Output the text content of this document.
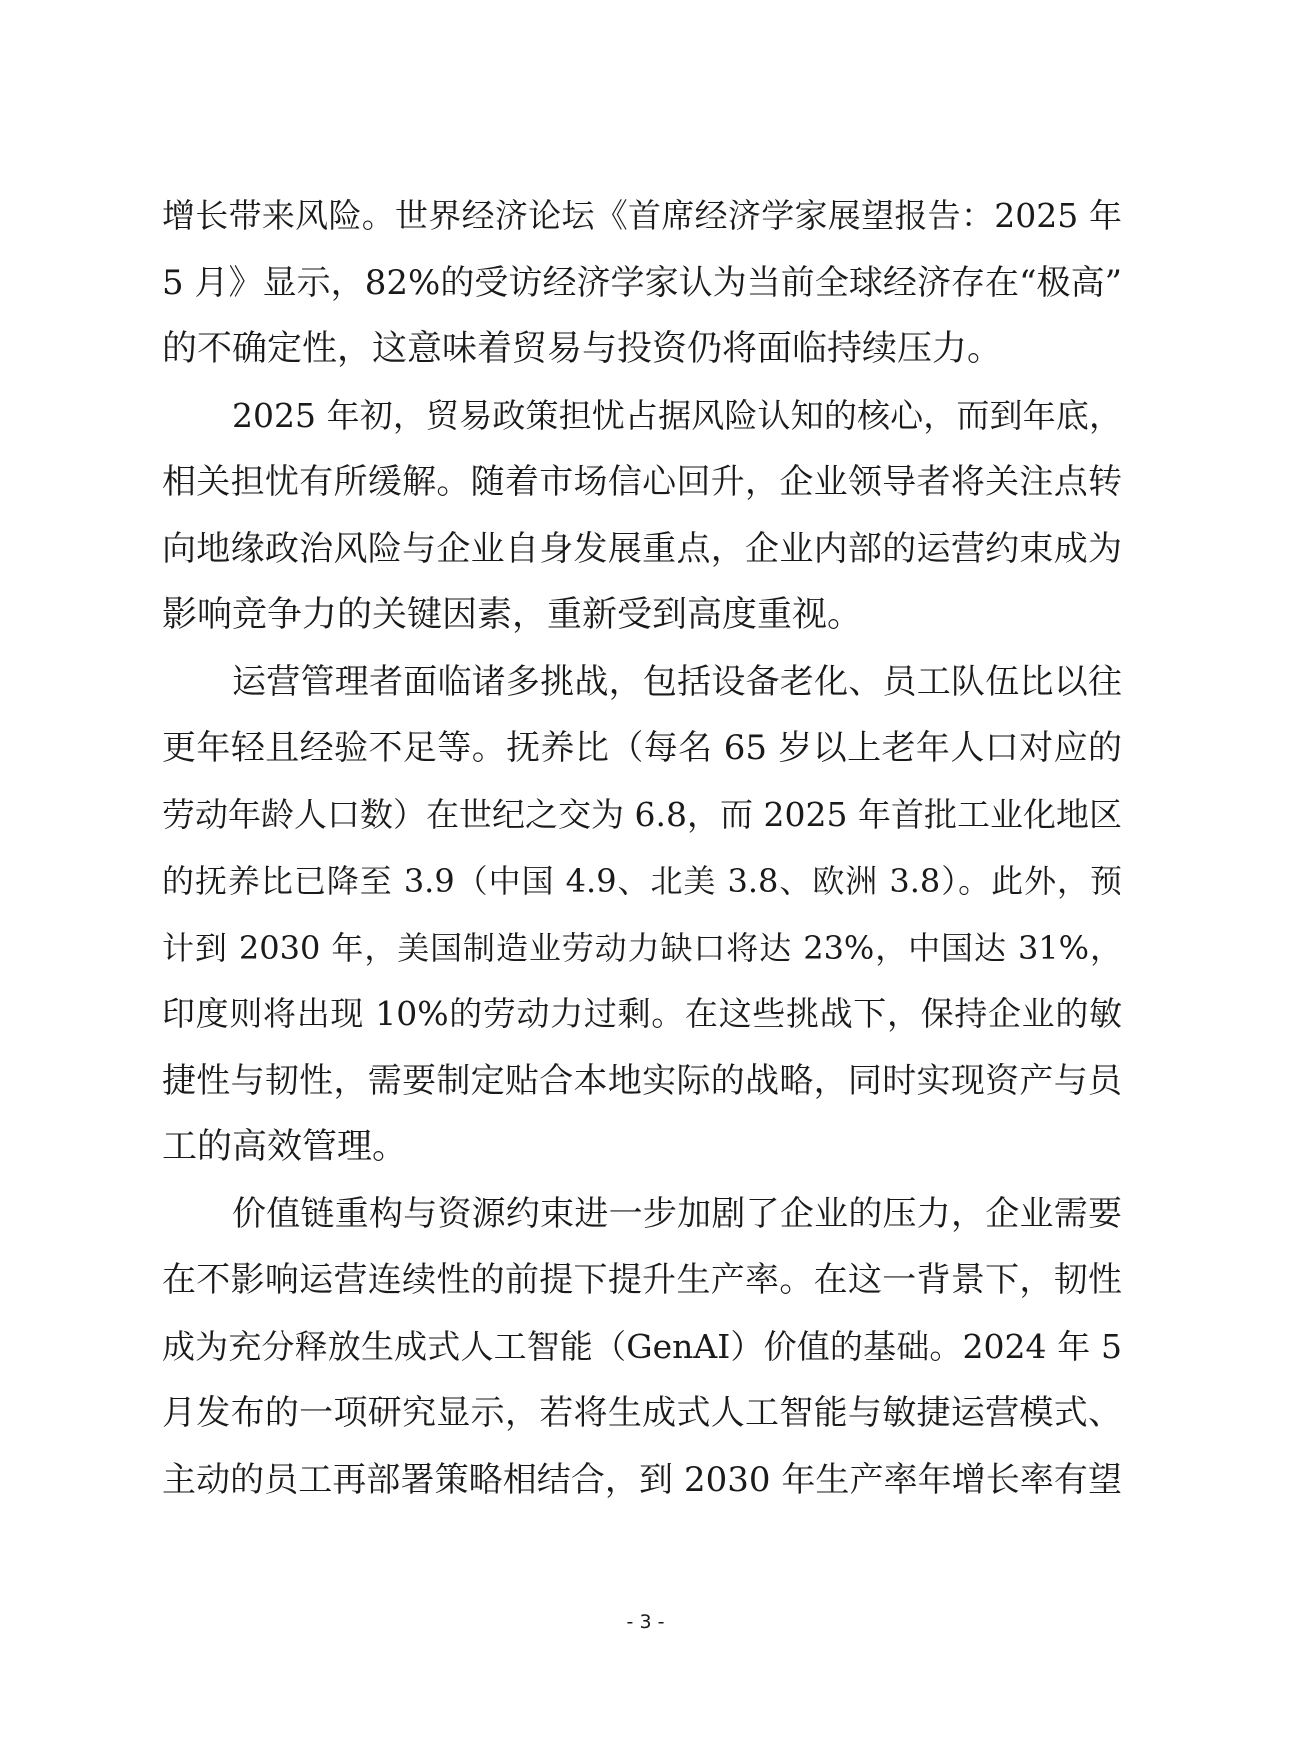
增长带来风险。世界经济论坛《首席经济学家展望报告：2025 年
5 月》显示，82%的受访经济学家认为当前全球经济存在“极高”
的不确定性，这意味着贸易与投资仍将面临持续压力。
2025 年初，贸易政策担忧占据风险认知的核心，而到年底，
相关担忧有所缓解。随着市场信心回升，企业领导者将关注点转
向地缘政治风险与企业自身发展重点，企业内部的运营约束成为
影响竞争力的关键因素，重新受到高度重视。
运营管理者面临诸多挑战，包括设备老化、员工队伍比以往
更年轻且经验不足等。抚养比（每名 65 岁以上老年人口对应的
劳动年龄人口数）在世纪之交为 6.8，而 2025 年首批工业化地区
的抚养比已降至 3.9（中国 4.9、北美 3.8、欧洲 3.8）。此外，预
计到 2030 年，美国制造业劳动力缺口将达 23%，中国达 31%，
印度则将出现 10%的劳动力过剩。在这些挑战下，保持企业的敏
捷性与韧性，需要制定贴合本地实际的战略，同时实现资产与员
工的高效管理。
价值链重构与资源约束进一步加剧了企业的压力，企业需要
在不影响运营连续性的前提下提升生产率。在这一背景下，韧性
成为充分释放生成式人工智能（GenAI）价值的基础。2024 年 5
月发布的一项研究显示，若将生成式人工智能与敏捷运营模式、
主动的员工再部署策略相结合，到 2030 年生产率年增长率有望
- 3 -
